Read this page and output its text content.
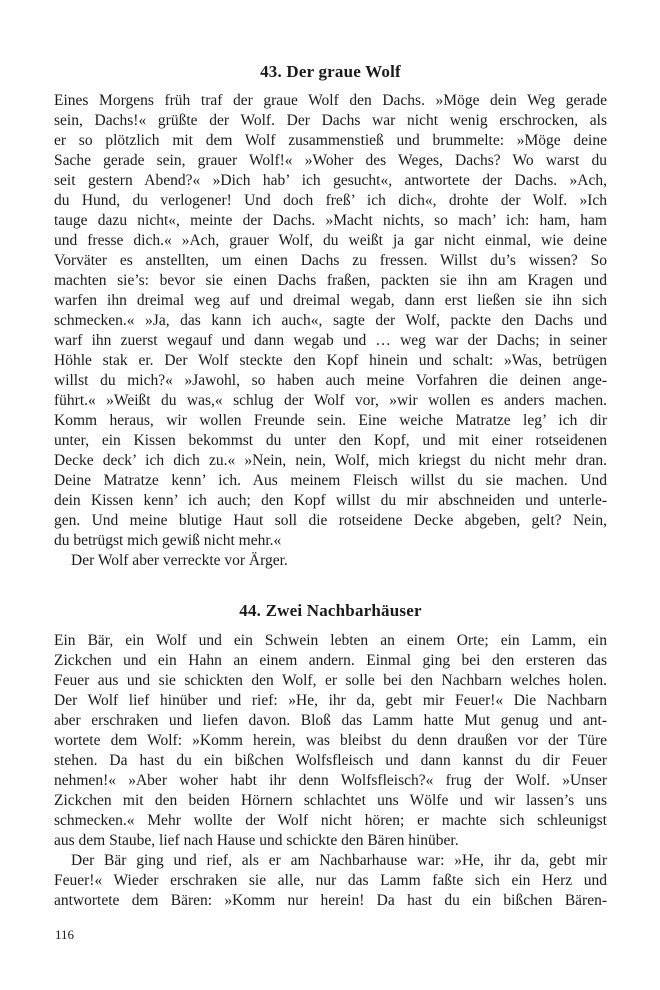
43. Der graue Wolf
Eines Morgens früh traf der graue Wolf den Dachs. »Möge dein Weg gerade
sein, Dachs!« grüßte der Wolf. Der Dachs war nicht wenig erschrocken, als
er so plötzlich mit dem Wolf zusammenstieß und brummelte: »Möge deine
Sache gerade sein, grauer Wolf!« »Woher des Weges, Dachs? Wo warst du
seit gestern Abend?« »Dich hab’ ich gesucht«, antwortete der Dachs. »Ach,
du Hund, du verlogener! Und doch freß’ ich dich«, drohte der Wolf. »Ich
tauge dazu nicht«, meinte der Dachs. »Macht nichts, so mach’ ich: ham, ham
und fresse dich.« »Ach, grauer Wolf, du weißt ja gar nicht einmal, wie deine
Vorväter es anstellten, um einen Dachs zu fressen. Willst du’s wissen? So
machten sie’s: bevor sie einen Dachs fraßen, packten sie ihn am Kragen und
warfen ihn dreimal weg auf und dreimal wegab, dann erst ließen sie ihn sich
schmecken.« »Ja, das kann ich auch«, sagte der Wolf, packte den Dachs und
warf ihn zuerst wegauf und dann wegab und … weg war der Dachs; in seiner
Höhle stak er. Der Wolf steckte den Kopf hinein und schalt: »Was, betrügen
willst du mich?« »Jawohl, so haben auch meine Vorfahren die deinen ange-
führt.« »Weißt du was,« schlug der Wolf vor, »wir wollen es anders machen.
Komm heraus, wir wollen Freunde sein. Eine weiche Matratze leg’ ich dir
unter, ein Kissen bekommst du unter den Kopf, und mit einer rotseidenen
Decke deck’ ich dich zu.« »Nein, nein, Wolf, mich kriegst du nicht mehr dran.
Deine Matratze kenn’ ich. Aus meinem Fleisch willst du sie machen. Und
dein Kissen kenn’ ich auch; den Kopf willst du mir abschneiden und unterle-
gen. Und meine blutige Haut soll die rotseidene Decke abgeben, gelt? Nein,
du betrügst mich gewiß nicht mehr.«
Der Wolf aber verreckte vor Ärger.
44. Zwei Nachbarhäuser
Ein Bär, ein Wolf und ein Schwein lebten an einem Orte; ein Lamm, ein
Zickchen und ein Hahn an einem andern. Einmal ging bei den ersteren das
Feuer aus und sie schickten den Wolf, er solle bei den Nachbarn welches holen.
Der Wolf lief hinüber und rief: »He, ihr da, gebt mir Feuer!« Die Nachbarn
aber erschraken und liefen davon. Bloß das Lamm hatte Mut genug und ant-
wortete dem Wolf: »Komm herein, was bleibst du denn draußen vor der Türe
stehen. Da hast du ein bißchen Wolfsfleisch und dann kannst du dir Feuer
nehmen!« »Aber woher habt ihr denn Wolfsfleisch?« frug der Wolf. »Unser
Zickchen mit den beiden Hörnern schlachtet uns Wölfe und wir lassen’s uns
schmecken.« Mehr wollte der Wolf nicht hören; er machte sich schleunigst
aus dem Staube, lief nach Hause und schickte den Bären hinüber.
Der Bär ging und rief, als er am Nachbarhause war: »He, ihr da, gebt mir
Feuer!« Wieder erschraken sie alle, nur das Lamm faßte sich ein Herz und
antwortete dem Bären: »Komm nur herein! Da hast du ein bißchen Bären-
116
